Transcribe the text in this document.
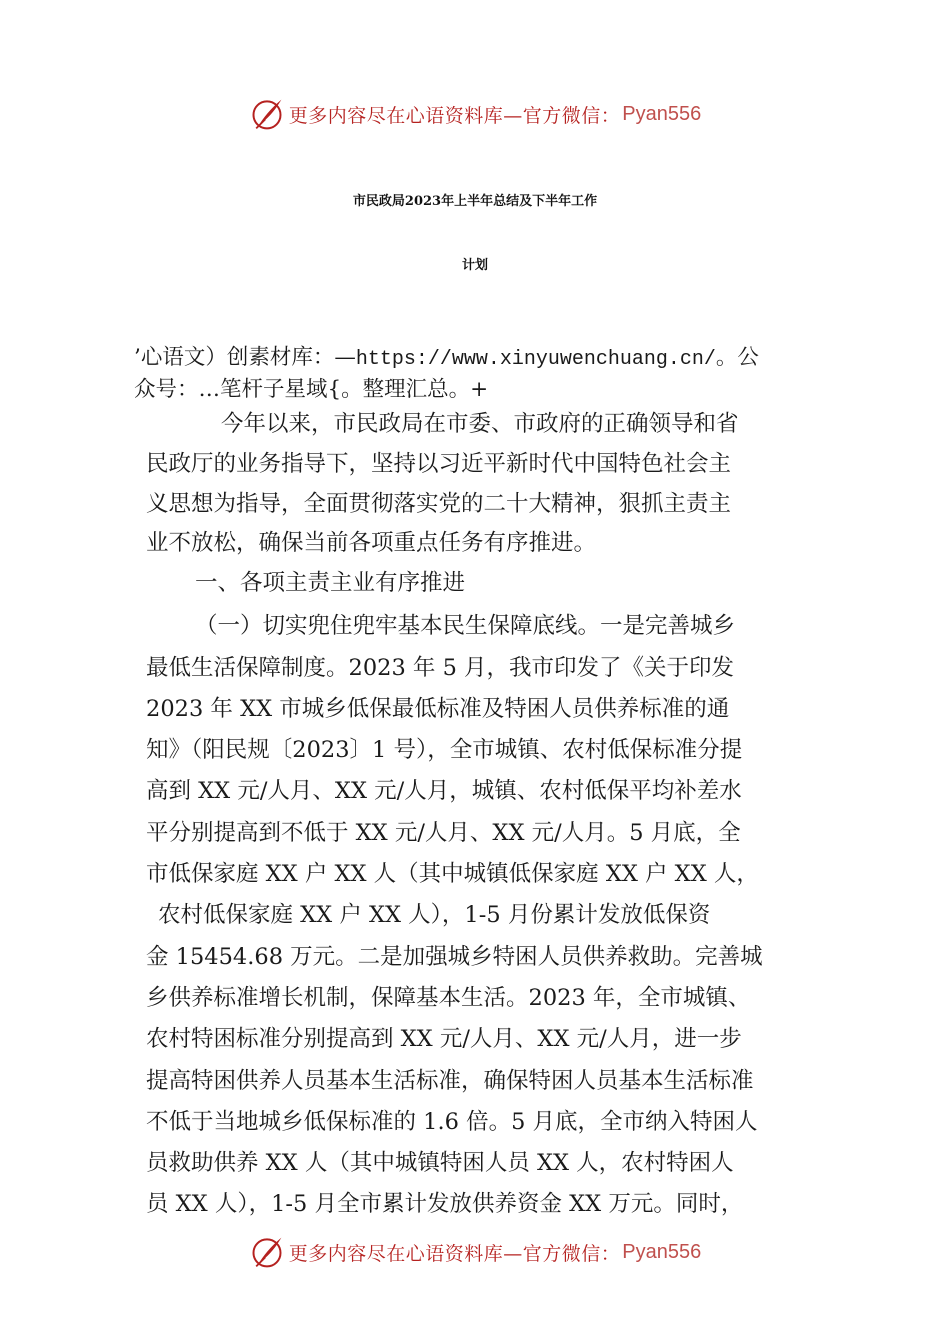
更多内容尽在心语资料库—官方微信： Pyan556
市民政局2023年上半年总结及下半年工作
计划
’心语文）创素材库：—https://www.xinyuwenchuang.cn/。公
众号：…笔杆子星域{。整理汇总。+
今年以来，市民政局在市委、市政府的正确领导和省
民政厅的业务指导下，坚持以习近平新时代中国特色社会主
义思想为指导，全面贯彻落实党的二十大精神，狠抓主责主
业不放松，确保当前各项重点任务有序推进。
一、各项主责主业有序推进
（一）切实兜住兜牢基本民生保障底线。一是完善城乡
最低生活保障制度。2023 年 5 月，我市印发了《关于印发
2023 年 XX 市城乡低保最低标准及特困人员供养标准的通
知》（阳民规〔2023〕1 号），全市城镇、农村低保标准分提
高到 XX 元/人月、XX 元/人月，城镇、农村低保平均补差水
平分别提高到不低于 XX 元/人月、XX 元/人月。5 月底，全
市低保家庭 XX 户 XX 人（其中城镇低保家庭 XX 户 XX 人，
农村低保家庭 XX 户 XX 人），1-5 月份累计发放低保资
金 15454.68 万元。二是加强城乡特困人员供养救助。完善城
乡供养标准增长机制，保障基本生活。2023 年，全市城镇、
农村特困标准分别提高到 XX 元/人月、XX 元/人月，进一步
提高特困供养人员基本生活标准，确保特困人员基本生活标准
不低于当地城乡低保标准的 1.6 倍。5 月底，全市纳入特困人
员救助供养 XX 人（其中城镇特困人员 XX 人，农村特困人
员 XX 人），1-5 月全市累计发放供养资金 XX 万元。同时，
更多内容尽在心语资料库—官方微信： Pyan556
